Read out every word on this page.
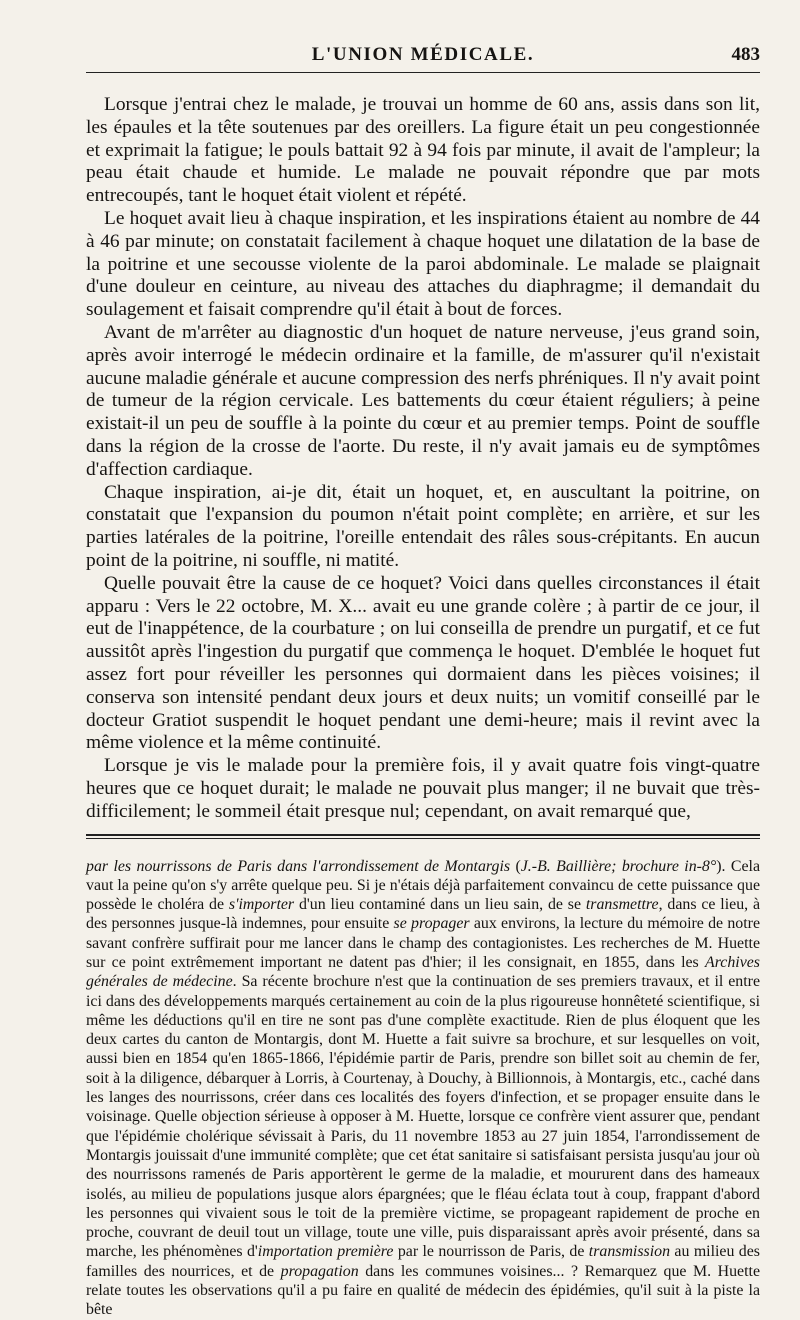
L'UNION MÉDICALE.	483

Lorsque j'entrai chez le malade, je trouvai un homme de 60 ans, assis dans son lit, les épaules et la tête soutenues par des oreillers. La figure était un peu congestionnée et exprimait la fatigue; le pouls battait 92 à 94 fois par minute, il avait de l'ampleur; la peau était chaude et humide. Le malade ne pouvait répondre que par mots entrecoupés, tant le hoquet était violent et répété.

Le hoquet avait lieu à chaque inspiration, et les inspirations étaient au nombre de 44 à 46 par minute; on constatait facilement à chaque hoquet une dilatation de la base de la poitrine et une secousse violente de la paroi abdominale. Le malade se plaignait d'une douleur en ceinture, au niveau des attaches du diaphragme; il demandait du soulagement et faisait comprendre qu'il était à bout de forces.

Avant de m'arrêter au diagnostic d'un hoquet de nature nerveuse, j'eus grand soin, après avoir interrogé le médecin ordinaire et la famille, de m'assurer qu'il n'existait aucune maladie générale et aucune compression des nerfs phréniques. Il n'y avait point de tumeur de la région cervicale. Les battements du cœur étaient réguliers; à peine existait-il un peu de souffle à la pointe du cœur et au premier temps. Point de souffle dans la région de la crosse de l'aorte. Du reste, il n'y avait jamais eu de symptômes d'affection cardiaque.

Chaque inspiration, ai-je dit, était un hoquet, et, en auscultant la poitrine, on constatait que l'expansion du poumon n'était point complète; en arrière, et sur les parties latérales de la poitrine, l'oreille entendait des râles sous-crépitants. En aucun point de la poitrine, ni souffle, ni matité.

Quelle pouvait être la cause de ce hoquet? Voici dans quelles circonstances il était apparu : Vers le 22 octobre, M. X... avait eu une grande colère ; à partir de ce jour, il eut de l'inappétence, de la courbature ; on lui conseilla de prendre un purgatif, et ce fut aussitôt après l'ingestion du purgatif que commença le hoquet. D'emblée le hoquet fut assez fort pour réveiller les personnes qui dormaient dans les pièces voisines; il conserva son intensité pendant deux jours et deux nuits; un vomitif conseillé par le docteur Gratiot suspendit le hoquet pendant une demi-heure; mais il revint avec la même violence et la même continuité.

Lorsque je vis le malade pour la première fois, il y avait quatre fois vingt-quatre heures que ce hoquet durait; le malade ne pouvait plus manger; il ne buvait que très-difficilement; le sommeil était presque nul; cependant, on avait remarqué que,

par les nourrissons de Paris dans l'arrondissement de Montargis (J.-B. Baillière; brochure in-8°). Cela vaut la peine qu'on s'y arrête quelque peu. Si je n'étais déjà parfaitement convaincu de cette puissance que possède le choléra de s'importer d'un lieu contaminé dans un lieu sain, de se transmettre, dans ce lieu, à des personnes jusque-là indemnes, pour ensuite se propager aux environs, la lecture du mémoire de notre savant confrère suffirait pour me lancer dans le champ des contagionistes. Les recherches de M. Huette sur ce point extrêmement important ne datent pas d'hier; il les consignait, en 1855, dans les Archives générales de médecine. Sa récente brochure n'est que la continuation de ses premiers travaux, et il entre ici dans des développements marqués certainement au coin de la plus rigoureuse honnêteté scientifique, si même les déductions qu'il en tire ne sont pas d'une complète exactitude. Rien de plus éloquent que les deux cartes du canton de Montargis, dont M. Huette a fait suivre sa brochure, et sur lesquelles on voit, aussi bien en 1854 qu'en 1865-1866, l'épidémie partir de Paris, prendre son billet soit au chemin de fer, soit à la diligence, débarquer à Lorris, à Courtenay, à Douchy, à Billionnois, à Montargis, etc., caché dans les langes des nourrissons, créer dans ces localités des foyers d'infection, et se propager ensuite dans le voisinage. Quelle objection sérieuse à opposer à M. Huette, lorsque ce confrère vient assurer que, pendant que l'épidémie cholérique sévissait à Paris, du 11 novembre 1853 au 27 juin 1854, l'arrondissement de Montargis jouissait d'une immunité complète; que cet état sanitaire si satisfaisant persista jusqu'au jour où des nourrissons ramenés de Paris apportèrent le germe de la maladie, et moururent dans des hameaux isolés, au milieu de populations jusque alors épargnées; que le fléau éclata tout à coup, frappant d'abord les personnes qui vivaient sous le toit de la première victime, se propageant rapidement de proche en proche, couvrant de deuil tout un village, toute une ville, puis disparaissant après avoir présenté, dans sa marche, les phénomènes d'importation première par le nourrisson de Paris, de transmission au milieu des familles des nourrices, et de propagation dans les communes voisines... ? Remarquez que M. Huette relate toutes les observations qu'il a pu faire en qualité de médecin des épidémies, qu'il suit à la piste la bête
